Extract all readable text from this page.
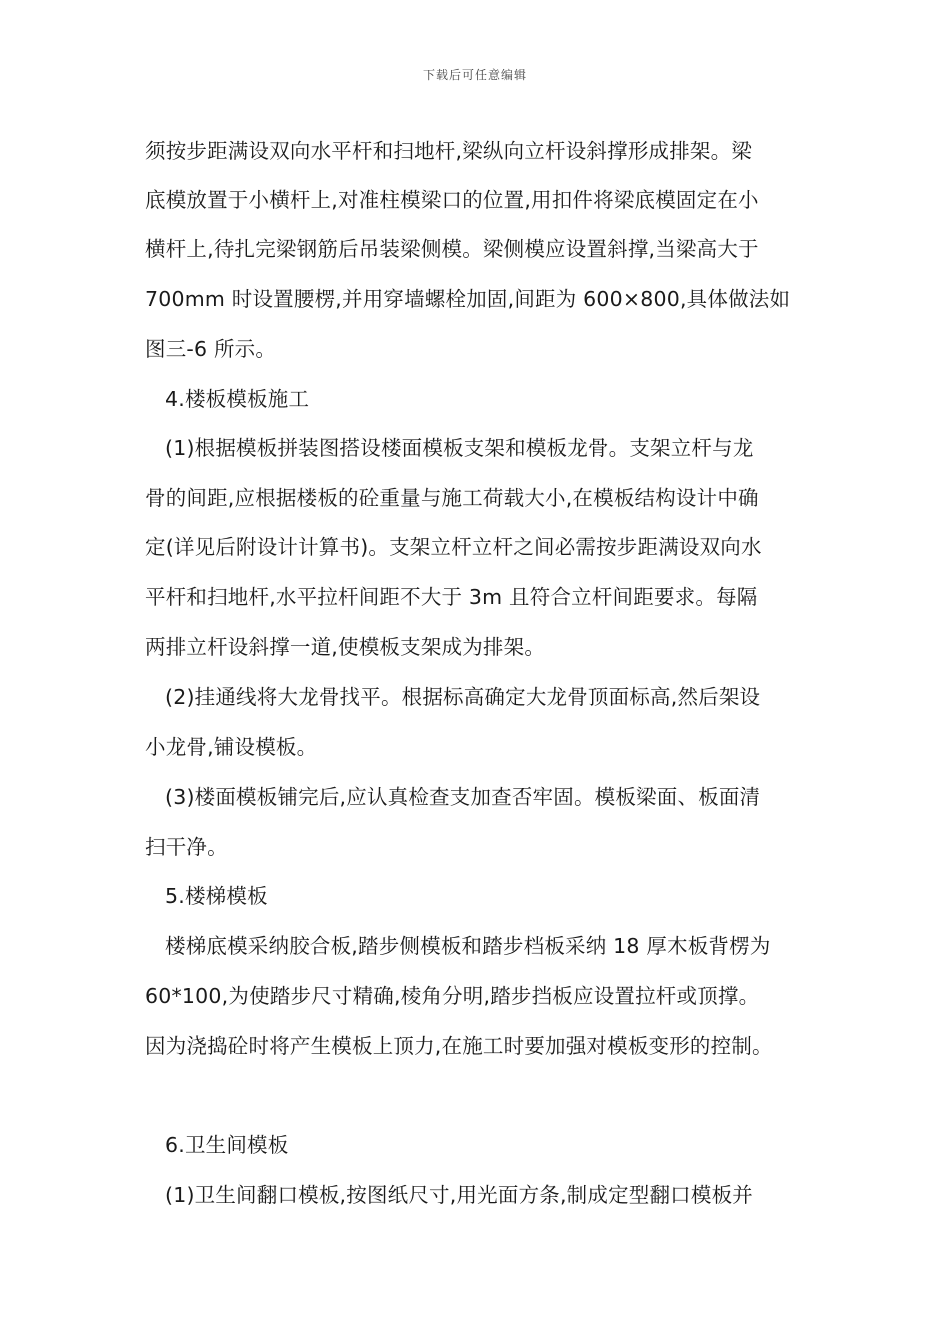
下载后可任意编辑
须按步距满设双向水平杆和扫地杆,梁纵向立杆设斜撑形成排架。梁
底模放置于小横杆上,对准柱模梁口的位置,用扣件将梁底模固定在小
横杆上,待扎完梁钢筋后吊装梁侧模。梁侧模应设置斜撑,当梁高大于
700mm 时设置腰楞,并用穿墙螺栓加固,间距为 600×800,具体做法如
图三-6 所示。
4.楼板模板施工
(1)根据模板拼装图搭设楼面模板支架和模板龙骨。支架立杆与龙
骨的间距,应根据楼板的砼重量与施工荷载大小,在模板结构设计中确
定(详见后附设计计算书)。支架立杆立杆之间必需按步距满设双向水
平杆和扫地杆,水平拉杆间距不大于 3m 且符合立杆间距要求。每隔
两排立杆设斜撑一道,使模板支架成为排架。
(2)挂通线将大龙骨找平。根据标高确定大龙骨顶面标高,然后架设
小龙骨,铺设模板。
(3)楼面模板铺完后,应认真检查支加查否牢固。模板梁面、板面清
扫干净。
5.楼梯模板
楼梯底模采纳胶合板,踏步侧模板和踏步档板采纳 18 厚木板背楞为
60*100,为使踏步尺寸精确,棱角分明,踏步挡板应设置拉杆或顶撑。
因为浇捣砼时将产生模板上顶力,在施工时要加强对模板变形的控制。
6.卫生间模板
(1)卫生间翻口模板,按图纸尺寸,用光面方条,制成定型翻口模板并
